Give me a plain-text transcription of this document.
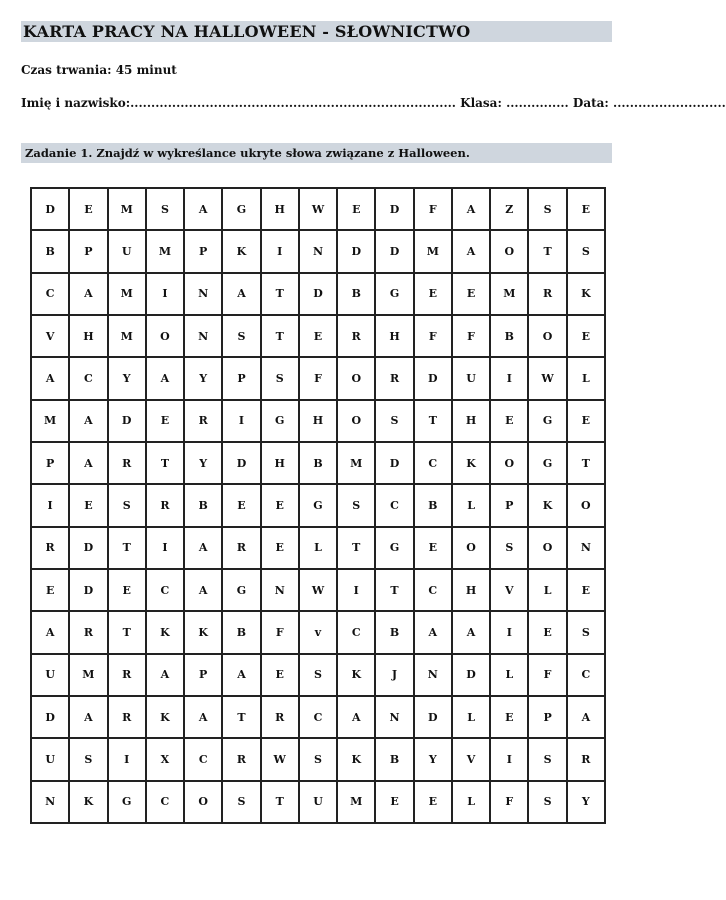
KARTA PRACY NA HALLOWEEN - SŁOWNICTWO
Czas trwania: 45 minut
Imię i nazwisko:.............................................................................. Klasa: ............... Data: ...........................
Zadanie 1. Znajdź w wykreślance ukryte słowa związane z Halloween.
D	E	M	S	A	G	H	W	E	D	F	A	Z	S	E
B	P	U	M	P	K	I	N	D	D	M	A	O	T	S
C	A	M	I	N	A	T	D	B	G	E	E	M	R	K
V	H	M	O	N	S	T	E	R	H	F	F	B	O	E
A	C	Y	A	Y	P	S	F	O	R	D	U	I	W	L
M	A	D	E	R	I	G	H	O	S	T	H	E	G	E
P	A	R	T	Y	D	H	B	M	D	C	K	O	G	T
I	E	S	R	B	E	E	G	S	C	B	L	P	K	O
R	D	T	I	A	R	E	L	T	G	E	O	S	O	N
E	D	E	C	A	G	N	W	I	T	C	H	V	L	E
A	R	T	K	K	B	F	v	C	B	A	A	I	E	S
U	M	R	A	P	A	E	S	K	J	N	D	L	F	C
D	A	R	K	A	T	R	C	A	N	D	L	E	P	A
U	S	I	X	C	R	W	S	K	B	Y	V	I	S	R
N	K	G	C	O	S	T	U	M	E	E	L	F	S	Y
